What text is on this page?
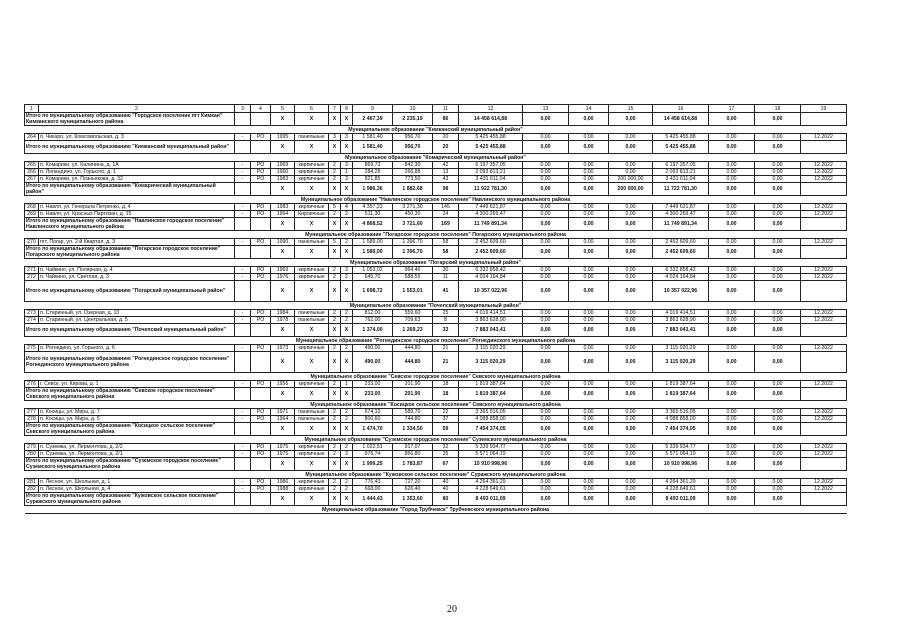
1	2	3	4	5	6	7	8	9	10	11	12	13	14	15	16	17	18	19
Итого по муниципальному образованию "Городское поселение пгт Кимкан" Кимканского муниципального района				X	X	X	X	2 467,39	2 235,19	86	14 458 614,88	0,00	0,00	0,00	14 458 614,88	0,00	0,00	
Муниципальное образование "Кимканский муниципальный район"																		
264	п. Чикаро, ул. Комсомольская, д. 3	-	PO	1995	панельные	3	3	1 581,40	956,70	20	5 425 455,88	0,00	0,00	0,00	5 425 455,88	0,00	0,00	12.2022
Итого по муниципальному образованию "Кимканский муниципальный район"				X	X	X	X	1 581,40	956,70	20	5 425 455,88	0,00	0,00	0,00	5 425 455,88	0,00	0,00	
Муниципальное образование "Комарический муниципальный район"																		
265	п. Комарики, ул. Калинина, д. 1А	-	PO	1969	кирпичные	2	3	869,73	842,30	42	6 197 357,05	0,00	0,00	0,00	6 197 357,05	0,00	0,00	12.2022
266	п. Лопандино, ул. Горького, д. 1	-	PO	1960	кирпичные	2	1	284,28	266,88	13	2 093 813,21	0,00	0,00	0,00	2 093 813,21	0,00	0,00	12.2022
267	п. Комарики, ул. Позньякова, д. 32	-	PO	1983	кирпичные	2	3	821,85	773,50	43	3 431 611,04	0,00	0,00	200 000,00	3 431 611,04	0,00	0,00	12.2022
Итого по муниципальному образованию "Комарический муниципальный район"				X	X	X	X	1 986,36	1 882,68	98	11 922 781,30	0,00	0,00	200 000,00	11 722 781,30	0,00	0,00	
Муниципальное образование "Навлинское городское поселение" Навлинского муниципального района																		
268	п. Навля, ул. Генерала Петренко, д. 4	-	PO	1983	кирпичные	5	4	4 357,22	3 271,30	145	7 449 621,87	0,00	0,00	0,00	7 449 621,87	0,00	0,00	12.2022
269	п. Навля, ул. Красных Партизан, д. 15	-	PO	1964	Кирпичные	2	2	511,30	450,30	24	4 300 269,47	0,00	0,00	0,00	4 300 269,47	0,00	0,00	12.2022
Итого по муниципальному образованию "Навлинское городское поселение" Навлинского муниципального района				X	X	X	X	4 868,52	3 721,60	169	11 749 891,34	0,00	0,00	0,00	11 749 891,34	0,00	0,00	
Муниципальное образование "Погарское городское поселение" Погарского муниципального района																		
270	пгт. Погар, ул. 2-й Квартал, д. 3	-	PO	1990	панельные	5	2	1 589,00	1 396,70	58	2 452 609,60	0,00	0,00	0,00	2 452 609,60	0,00	0,00	12.2022
Итого по муниципальному образованию "Погарское городское поселение" Погарского муниципального района				X	X	X	X	1 589,00	1 396,70	58	2 452 609,60	0,00	0,00	0,00	2 452 609,60	0,00	0,00	
Муниципальное образование "Погарский муниципальный район"																		
271	п. Чайкино, ул. Полярная, д. 4	-	PO	1969	кирпичные	2	3	1 053,02	964,46	30	6 332 858,42	0,00	0,00	0,00	6 332 858,42	0,00	0,00	12.2022
272	п. Чайкино, ул. Светлая, д. 3	-	PO	1976	кирпичные	2	2	645,70	588,55	11	4 024 164,84	0,00	0,00	0,00	4 024 164,84	0,00	0,00	12.2022
Итого по муниципальному образованию "Погарский муниципальный район"				X	X	X	X	1 698,72	1 553,01	41	10 357 022,96	0,00	0,00	0,00	10 357 022,96	0,00	0,00	
Муниципальное образование "Почепский муниципальный район"																		
273	п. Старинный, ул. Озерная, д. 10	-	PO	1984	панельные	2	2	812,00	559,60	25	4 019 414,51	0,00	0,00	0,00	4 019 414,51	0,00	0,00	12.2022
274	п. Старинный, ул. Центральная, д. 5	-	PO	1978	панельные	2	2	762,00	709,63	8	3 863 628,90	0,00	0,00	0,00	3 863 628,90	0,00	0,00	12.2022
Итого по муниципальному образованию "Почепский муниципальный район"				X	X	X	X	1 374,00	1 269,23	33	7 883 043,41	0,00	0,00	0,00	7 883 043,41	0,00	0,00	
Муниципальное образование "Рогнединское городское поселение" Рогнединского муниципального района																		
275	п. Рогнедино, ул. Горького, д. 6	-	PO	1973	кирпичные	2	2	490,00	444,80	21	3 115 020,29	0,00	0,00	0,00	3 115 020,29	0,00	0,00	12.2022
Итого по муниципальному образованию "Рогнединское городское поселение" Рогнединского муниципального района				X	X	X	X	490,00	444,80	21	3 115 020,29	0,00	0,00	0,00	3 115 020,29	0,00	0,00	
Муниципальное образование "Севское городское поселение" Севского муниципального района																		
276	г. Севск, ул. Кирова, д. 1	-	PO	1956	кирпичные	2	1	233,00	201,90	18	1 819 387,64	0,00	0,00	0,00	1 819 387,64	0,00	0,00	12.2022
Итого по муниципальному образованию "Севское городское поселение" Севского муниципального района				X	X	X	X	233,00	201,90	18	1 819 387,64	0,00	0,00	0,00	1 819 387,64	0,00	0,00	
Муниципальное образование "Косицкое сельское поселение" Севского муниципального района																		
277	п. Косицы, ул. Мира, д. 7	-	PO	1971	панельные	2	2	674,10	589,70	22	3 365 516,05	0,00	0,00	0,00	3 365 516,05	0,00	0,00	12.2022
278	п. Косицы, ул. Мира, д. 5	-	PO	1964	панельные	2	2	800,60	744,80	37	4 088 858,00	0,00	0,00	0,00	4 088 858,00	0,00	0,00	12.2022
Итого по муниципальному образованию "Косицкое сельское поселение" Севского муниципального района				X	X	X	X	1 474,70	1 334,50	59	7 454 374,05	0,00	0,00	0,00	7 454 374,05	0,00	0,00	
Муниципальное образование "Суземское городское поселение" Суземского муниципального района																		
279	п. Суземка, ул. Лермонтова, д. 2/2	-	PO	1975	кирпичные	2	2	1 022,51	917,07	32	5 339 934,77	0,00	0,00	0,00	5 339 934,77	0,00	0,00	12.2022
280	п. Суземка, ул. Лермонтова, д. 2/1	-	PO	1975	кирпичные	2	3	976,74	866,80	35	5 571 064,19	0,00	0,00	0,00	5 571 064,19	0,00	0,00	12.2022
Итого по муниципальному образованию "Суземское городское поселение" Суземского муниципального района				X	X	X	X	1 999,25	1 783,87	67	10 910 998,96	0,00	0,00	0,00	10 910 998,96	0,00	0,00	
Муниципальное образование "Кужовское сельское поселение" Суражского муниципального района																		
281	п. Лесное, ул. Школьная, д. 1	-	PO	1986	кирпичные	2	2	776,43	727,20	40	4 264 361,29	0,00	0,00	0,00	4 264 361,29	0,00	0,00	12.2022
282	п. Лесное, ул. Школьная, д. 4	-	PO	1988	кирпичные	2	2	668,00	626,40	40	4 228 649,61	0,00	0,00	0,00	4 228 649,61	0,00	0,00	12.2022
Итого по муниципальному образованию "Кужовское сельское поселение" Суражского муниципального района				X	X	X	X	1 444,43	1 353,60	80	8 493 011,09	0,00	0,00	0,00	8 493 011,09	0,00	0,00	
Муниципальное образование "Город Трубчевск" Трубчевского муниципального района																		
20
